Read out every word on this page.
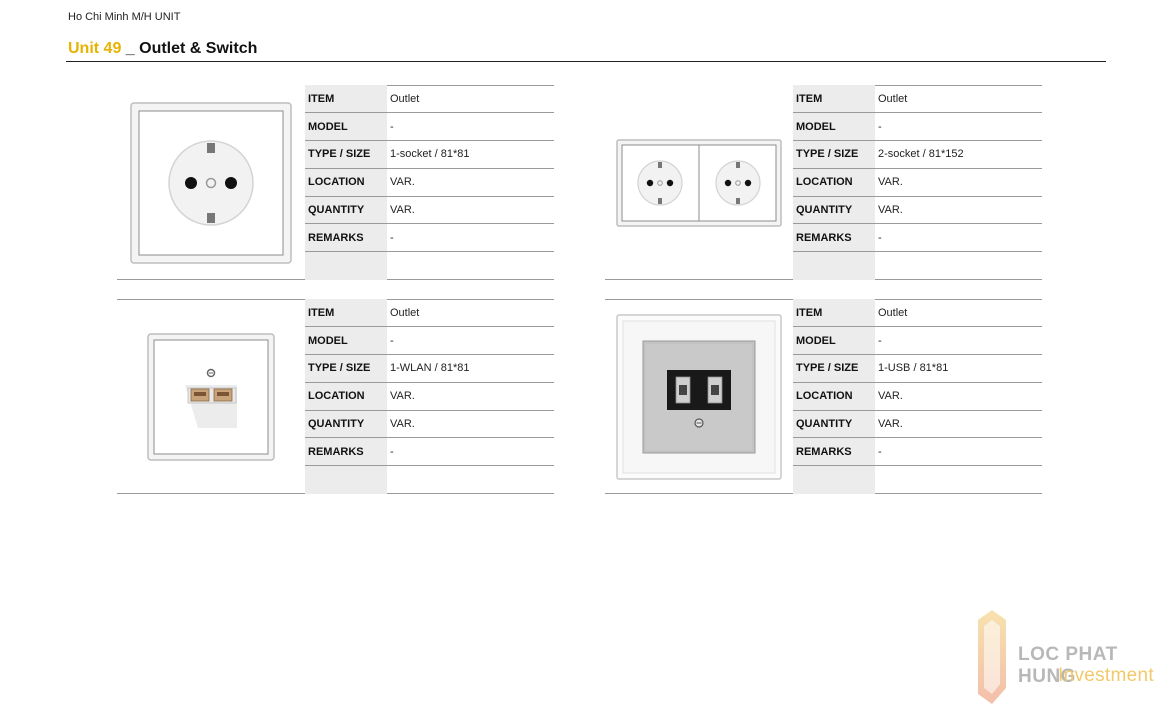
Ho Chi Minh M/H UNIT
Unit 49 _ Outlet & Switch
ITEM	Outlet
MODEL	-
TYPE / SIZE	1-socket / 81*81
LOCATION	VAR.
QUANTITY	VAR.
REMARKS	-

ITEM	Outlet
MODEL	-
TYPE / SIZE	2-socket / 81*152
LOCATION	VAR.
QUANTITY	VAR.
REMARKS	-

ITEM	Outlet
MODEL	-
TYPE / SIZE	1-WLAN / 81*81
LOCATION	VAR.
QUANTITY	VAR.
REMARKS	-

ITEM	Outlet
MODEL	-
TYPE / SIZE	1-USB / 81*81
LOCATION	VAR.
QUANTITY	VAR.
REMARKS	-

LOC PHAT HUNG
Investment
